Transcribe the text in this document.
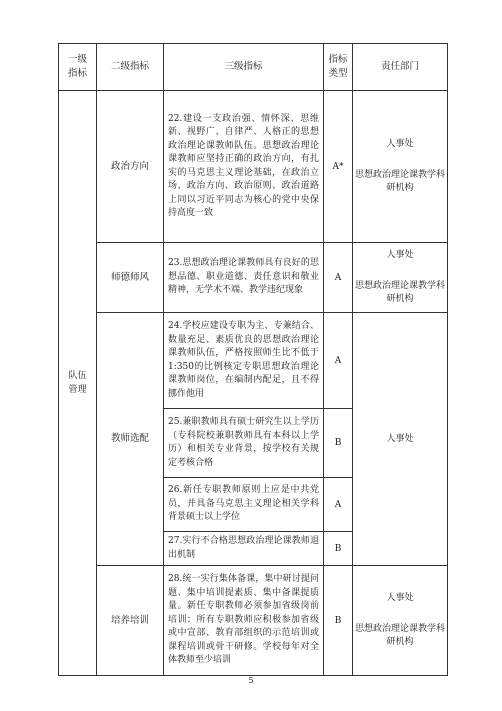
一级
指标	二级指标	三级指标	指标
类型	责任部门
队伍
管理	政治方向	22.建设一支政治强、情怀深、思维新、视野广、自律严、人格正的思想政治理论课教师队伍。思想政治理论课教师应坚持正确的政治方向，有扎实的马克思主义理论基础，在政治立场、政治方向、政治原则、政治道路上同以习近平同志为核心的党中央保持高度一致	A*	人事处
思想政治理论课教学科研机构
	师德师风	23.思想政治理论课教师具有良好的思想品德、职业道德、责任意识和敬业精神，无学术不端、教学违纪现象	A	人事处
思想政治理论课教学科研机构
	教师选配	24.学校应建设专职为主、专兼结合、数量充足、素质优良的思想政治理论课教师队伍，严格按照师生比不低于1:350的比例核定专职思想政治理论课教师岗位，在编制内配足，且不得挪作他用	A	人事处
		25.兼职教师具有硕士研究生以上学历（专科院校兼职教师具有本科以上学历）和相关专业背景，按学校有关规定考核合格	B	
		26.新任专职教师原则上应是中共党员，并具备马克思主义理论相关学科背景硕士以上学位	A	
		27.实行不合格思想政治理论课教师退出机制	B	
	培养培训	28.统一实行集体备课，集中研讨提问题、集中培训提素质、集中备课提质量。新任专职教师必须参加省级岗前培训；所有专职教师应积极参加省级或中宣部、教育部组织的示范培训或课程培训或骨干研修。学校每年对全体教师至少培训	B	人事处
思想政治理论课教学科研机构
5
